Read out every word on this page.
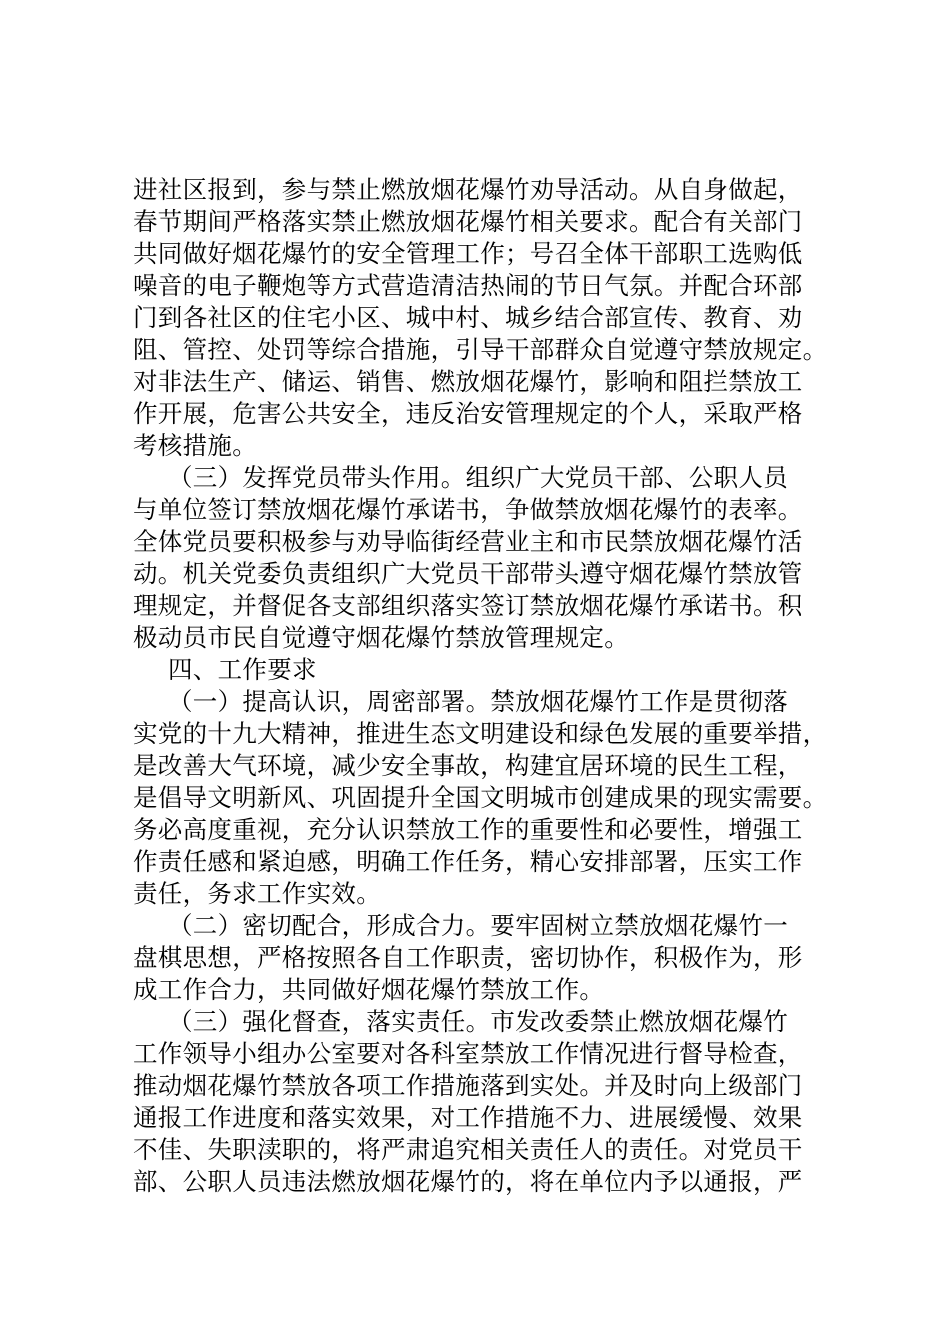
进社区报到，参与禁止燃放烟花爆竹劝导活动。从自身做起，
春节期间严格落实禁止燃放烟花爆竹相关要求。配合有关部门
共同做好烟花爆竹的安全管理工作；号召全体干部职工选购低
噪音的电子鞭炮等方式营造清洁热闹的节日气氛。并配合环部
门到各社区的住宅小区、城中村、城乡结合部宣传、教育、劝
阻、管控、处罚等综合措施，引导干部群众自觉遵守禁放规定。
对非法生产、储运、销售、燃放烟花爆竹，影响和阻拦禁放工
作开展，危害公共安全，违反治安管理规定的个人，采取严格
考核措施。
（三）发挥党员带头作用。组织广大党员干部、公职人员
与单位签订禁放烟花爆竹承诺书，争做禁放烟花爆竹的表率。
全体党员要积极参与劝导临街经营业主和市民禁放烟花爆竹活
动。机关党委负责组织广大党员干部带头遵守烟花爆竹禁放管
理规定，并督促各支部组织落实签订禁放烟花爆竹承诺书。积
极动员市民自觉遵守烟花爆竹禁放管理规定。
四、工作要求
（一）提高认识，周密部署。禁放烟花爆竹工作是贯彻落
实党的十九大精神，推进生态文明建设和绿色发展的重要举措，
是改善大气环境，减少安全事故，构建宜居环境的民生工程，
是倡导文明新风、巩固提升全国文明城市创建成果的现实需要。
务必高度重视，充分认识禁放工作的重要性和必要性，增强工
作责任感和紧迫感，明确工作任务，精心安排部署，压实工作
责任，务求工作实效。
（二）密切配合，形成合力。要牢固树立禁放烟花爆竹一
盘棋思想，严格按照各自工作职责，密切协作，积极作为，形
成工作合力，共同做好烟花爆竹禁放工作。
（三）强化督查，落实责任。市发改委禁止燃放烟花爆竹
工作领导小组办公室要对各科室禁放工作情况进行督导检查，
推动烟花爆竹禁放各项工作措施落到实处。并及时向上级部门
通报工作进度和落实效果，对工作措施不力、进展缓慢、效果
不佳、失职渎职的，将严肃追究相关责任人的责任。对党员干
部、公职人员违法燃放烟花爆竹的，将在单位内予以通报，严
